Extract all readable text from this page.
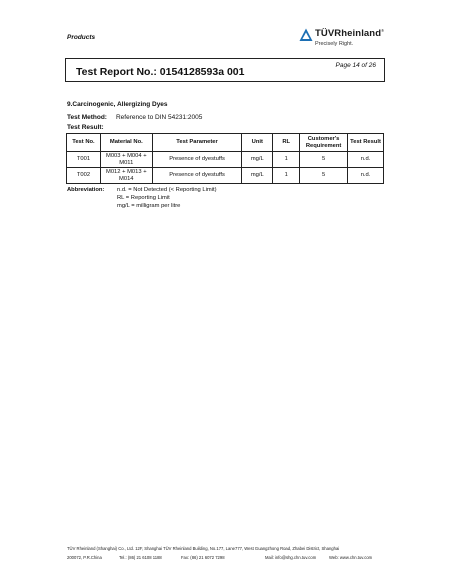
Products	TÜVRheinland®
Precisely Right.
Test Report No.: 0154128593a 001
Page 14 of 26
9.Carcinogenic, Allergizing Dyes
Test Method: Reference to DIN 54231:2005
Test Result:
Test No.	Material No.	Test Parameter	Unit	RL	Customer's Requirement	Test Result
T001	M003 + M004 + M011	Presence of dyestuffs	mg/L	1	5	n.d.
T002	M012 + M013 + M014	Presence of dyestuffs	mg/L	1	5	n.d.
Abbreviation:	n.d. = Not Detected (< Reporting Limit)
RL = Reporting Limit
mg/L = milligram per litre
TÜV Rheinland (Shanghai) Co., Ltd. 12F, Shanghai TÜV Rheinland Building, No.177, Lane777, West Guangzhong Road, Zhabei District, Shanghai
200072, P.R.China	Tel.: (86) 21 6108 1188	Fax: (86) 21 6072 7298	Mail: info@shg.chn.tuv.com	Web: www.chn.tuv.com
